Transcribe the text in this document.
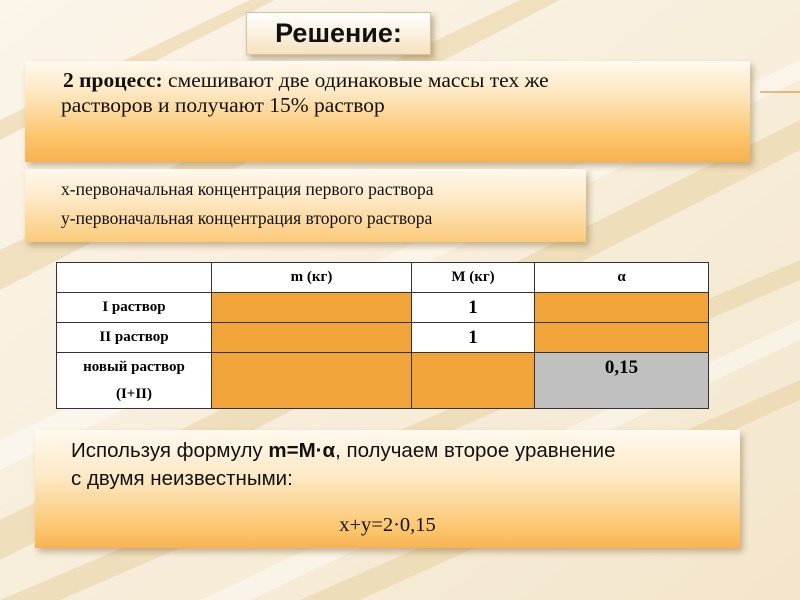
Решение:
2 процесс: смешивают две одинаковые массы тех же
растворов и получают 15% раствор
х-первоначальная концентрация первого раствора
у-первоначальная концентрация второго раствора
	m (кг)	М (кг)	α
I раствор		1	
II раствор		1	

новый раствор
(I+II)			0,15
Используя формулу m=M·α, получаем второе уравнение
с двумя неизвестными:
х+у=2·0,15
